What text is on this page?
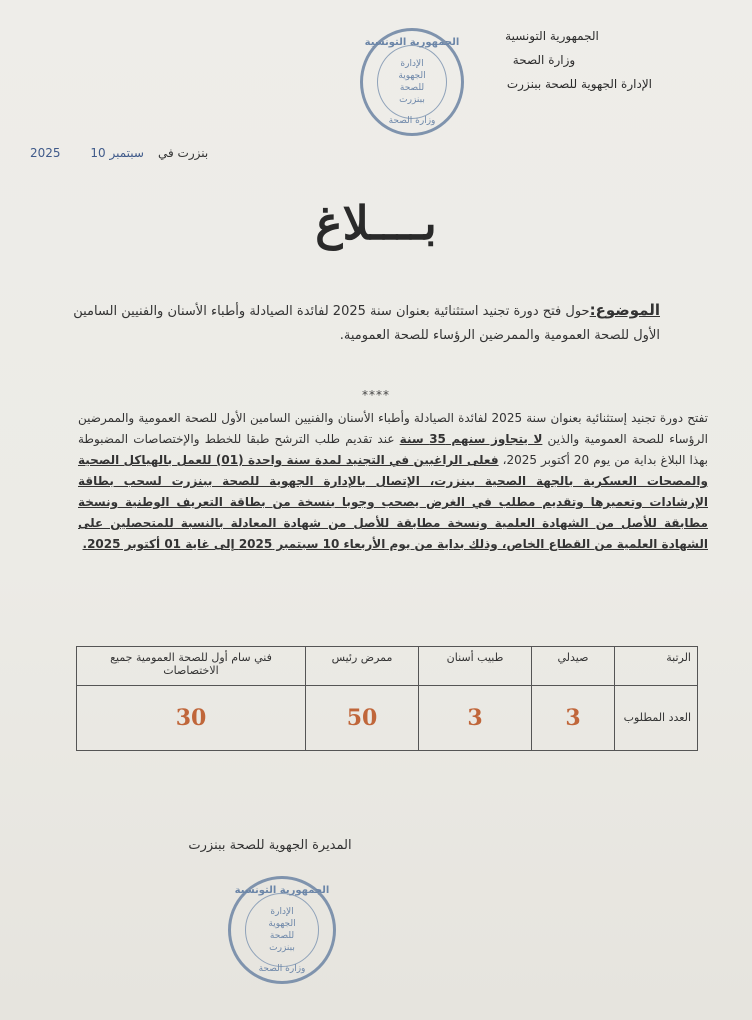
الجمهورية التونسية
وزارة الصحة
الإدارة الجهوية للصحة ببنزرت
الجمهورية التونسية
الإدارة
الجهوية
للصحة
ببنزرت
وزارة الصحة
2025 سبتمبر 10	بنزرت في
بــــلاغ
الموضوع:حول فتح دورة تجنيد استثنائية بعنوان سنة 2025 لفائدة الصيادلة وأطباء الأسنان والفنيين السامين الأول للصحة العمومية والممرضين الرؤساء للصحة العمومية.
****
تفتح دورة تجنيد إستثنائية بعنوان سنة 2025 لفائدة الصيادلة وأطباء الأسنان والفنيين السامين الأول للصحة العمومية والممرضين الرؤساء للصحة العمومية والذين لا يتجاوز سنهم 35 سنة عند تقديم طلب الترشح طبقا للخطط والإختصاصات المضبوطة بهذا البلاغ بداية من يوم 20 أكتوبر 2025، فعلى الراغبين في التجنيد لمدة سنة واحدة (01) للعمل بالهياكل الصحية والمصحات العسكرية بالجهة الصحية ببنزرت، الإتصال بالإدارة الجهوية للصحة ببنزرت لسحب بطاقة الإرشادات وتعميرها وتقديم مطلب في الغرض يصحب وجوبا بنسخة من بطاقة التعريف الوطنية ونسخة مطابقة للأصل من الشهادة العلمية ونسخة مطابقة للأصل من شهادة المعادلة بالنسبة للمتحصلين على الشهادة العلمية من القطاع الخاص، وذلك بداية من يوم الأربعاء 10 سبتمبر 2025 إلى غاية 01 أكتوبر 2025.
الرتبة	صيدلي	طبيب أسنان	ممرض رئيس	فني سام أول للصحة العمومية جميع الاختصاصات
العدد المطلوب	3	3	50	30
المديرة الجهوية للصحة ببنزرت
الجمهورية التونسية
الإدارة
الجهوية
للصحة
ببنزرت
وزارة الصحة
